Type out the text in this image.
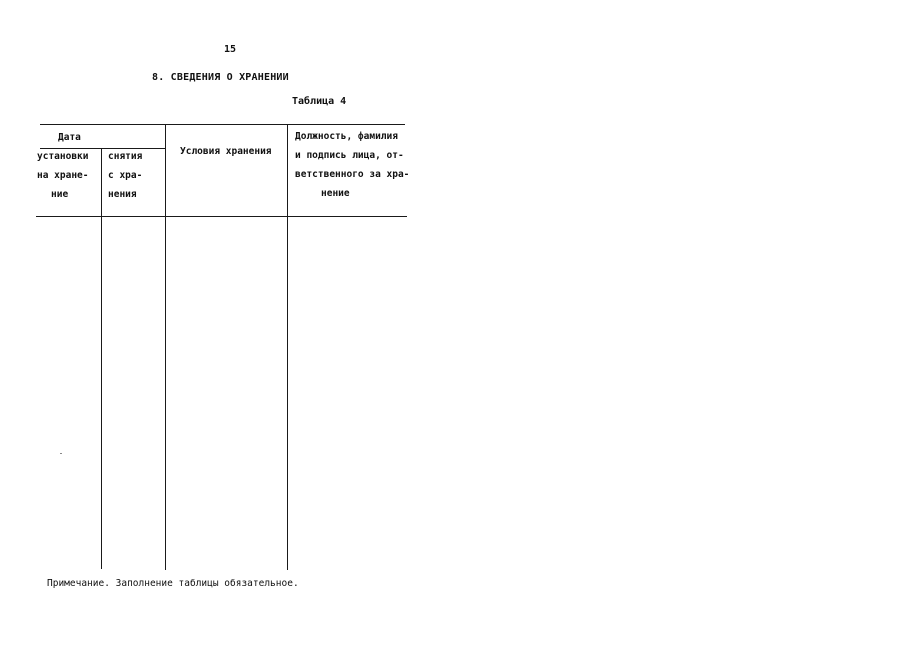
15
8. СВЕДЕНИЯ О ХРАНЕНИИ
Таблица 4
Дата
установки
на хране-
ние
снятия
с хра-
нения
Условия хранения
Должность, фамилия
и подпись лица, от-
ветственного за хра-
нение
Примечание. Заполнение таблицы обязательное.
